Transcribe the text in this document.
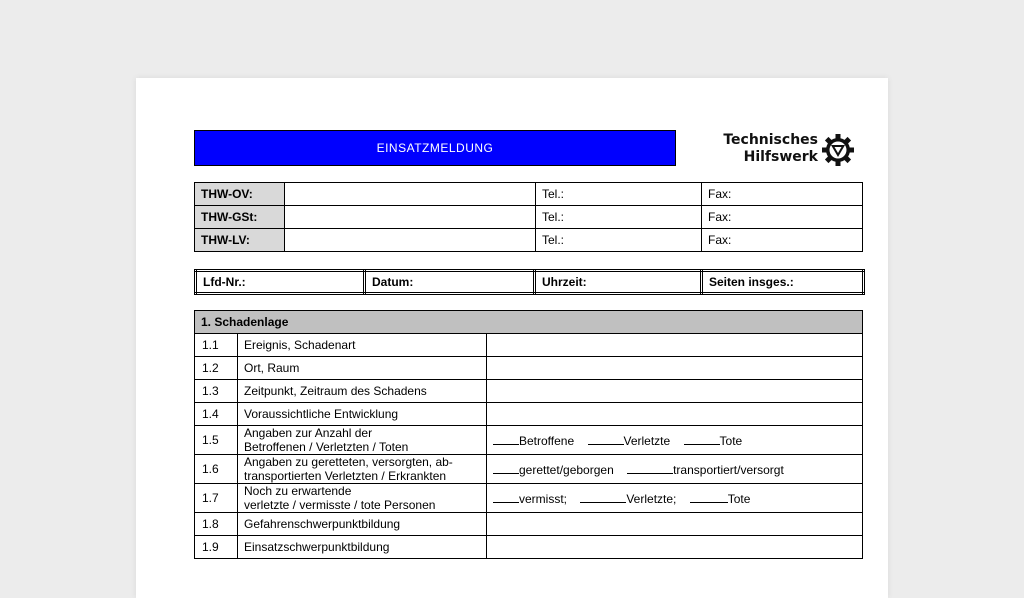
EINSATZMELDUNG	Technisches
Hilfswerk
THW-OV:		Tel.:	Fax:
THW-GSt:		Tel.:	Fax:
THW-LV:		Tel.:	Fax:
Lfd-Nr.:	Datum:	Uhrzeit:	Seiten insges.:
1. Schadenlage		
1.1	Ereignis, Schadenart	
1.2	Ort, Raum	
1.3	Zeitpunkt, Zeitraum des Schadens	
1.4	Voraussichtliche Entwicklung	
1.5	Angaben zur Anzahl der
Betroffenen / Verletzten / Toten	Betroffene Verletzte Tote
1.6	Angaben zu geretteten, versorgten, ab-
transportierten Verletzten / Erkrankten	gerettet/geborgen transportiert/versorgt
1.7	Noch zu erwartende
verletzte / vermisste / tote Personen	vermisst; Verletzte; Tote
1.8	Gefahrenschwerpunktbildung	
1.9	Einsatzschwerpunktbildung	
